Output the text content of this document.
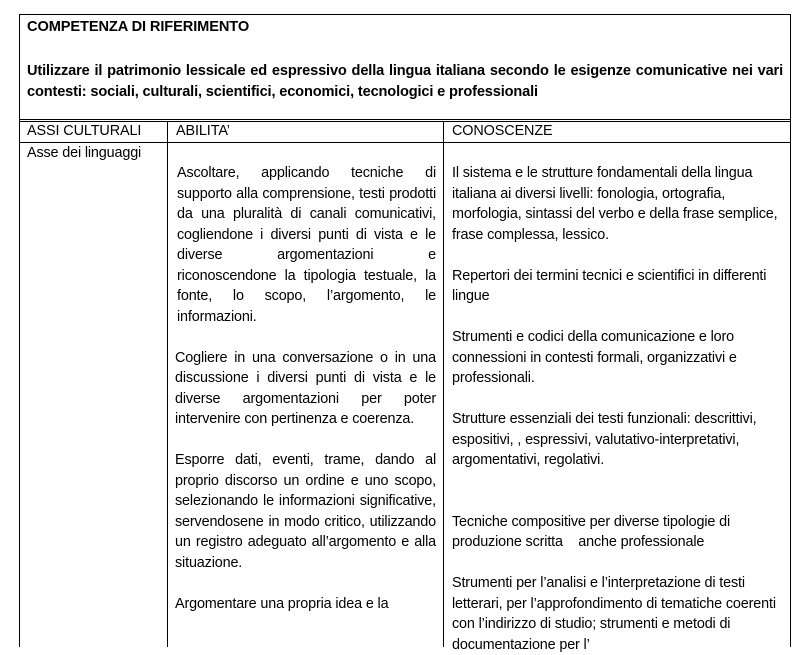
COMPETENZA DI RIFERIMENTO
Utilizzare il patrimonio lessicale ed espressivo della lingua italiana secondo le esigenze comunicative nei vari contesti: sociali, culturali, scientifici, economici, tecnologici e professionali
ASSI CULTURALI ABILITA’	CONOSCENZE
Asse dei linguaggi

Ascoltare, applicando tecniche di supporto alla comprensione, testi prodotti da una pluralità di canali comunicativi, cogliendone i diversi punti di vista e le diverse argomentazioni e riconoscendone la tipologia testuale, la fonte, lo scopo, l’argomento, le informazioni.

Cogliere in una conversazione o in una discussione i diversi punti di vista e le diverse argomentazioni per poter intervenire con pertinenza e coerenza.

Esporre dati, eventi, trame, dando al proprio discorso un ordine e uno scopo, selezionando le informazioni significative, servendosene in modo critico, utilizzando un registro adeguato all’argomento e alla situazione.

Argomentare una propria idea e la

Il sistema e le strutture fondamentali della lingua italiana ai diversi livelli: fonologia, ortografia, morfologia, sintassi del verbo e della frase semplice, frase complessa, lessico.

Repertori dei termini tecnici e scientifici in differenti lingue

Strumenti e codici della comunicazione e loro connessioni in contesti formali, organizzativi e professionali.

Strutture essenziali dei testi funzionali: descrittivi, espositivi, , espressivi, valutativo-interpretativi, argomentativi, regolativi.

Tecniche compositive per diverse tipologie di produzione scritta    anche professionale

Strumenti per l’analisi e l’interpretazione di testi letterari, per l’approfondimento di tematiche coerenti con l’indirizzo di studio; strumenti e metodi di documentazione per l’
